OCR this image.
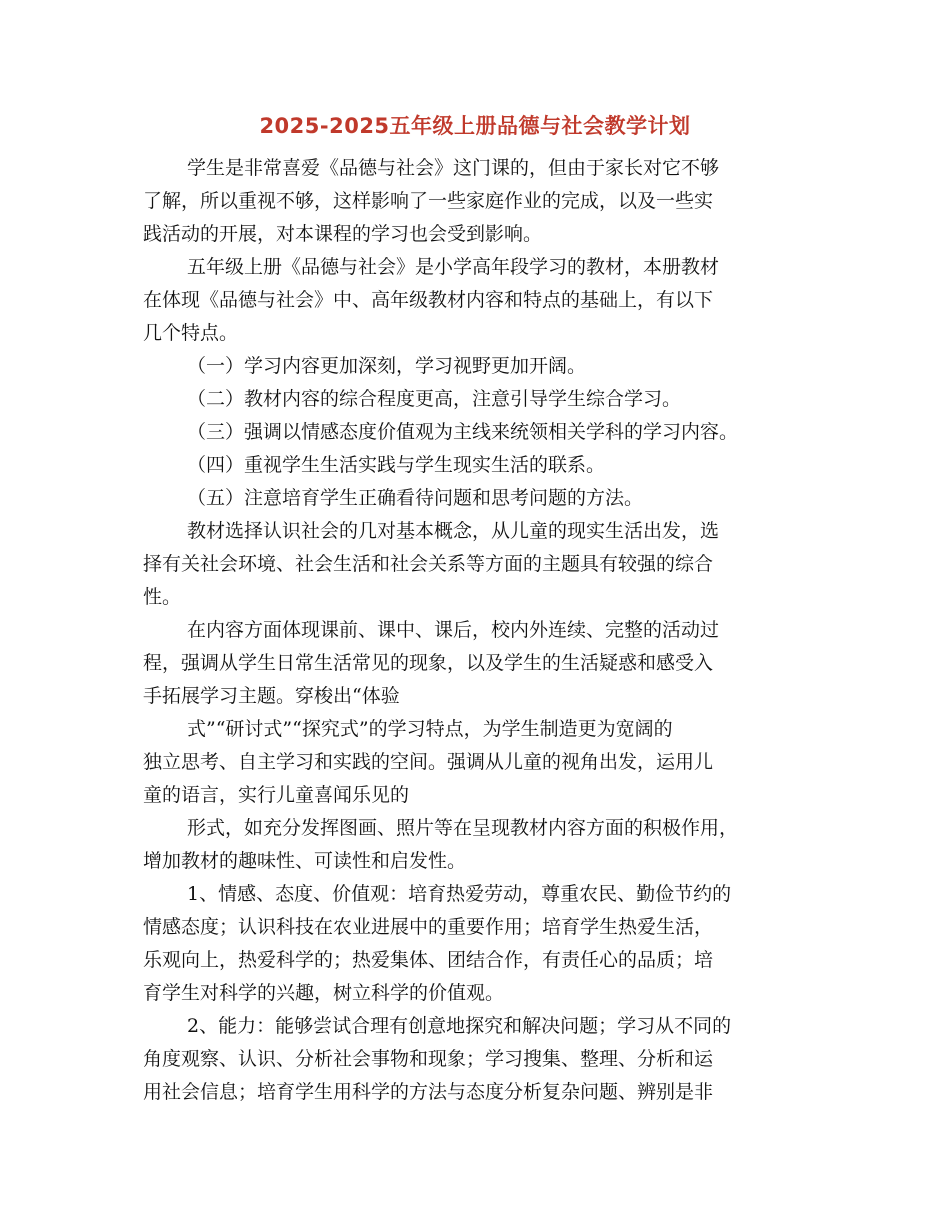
2025-2025五年级上册品德与社会教学计划
学生是非常喜爱《品德与社会》这门课的，但由于家长对它不够
了解，所以重视不够，这样影响了一些家庭作业的完成，以及一些实
践活动的开展，对本课程的学习也会受到影响。
五年级上册《品德与社会》是小学高年段学习的教材，本册教材
在体现《品德与社会》中、高年级教材内容和特点的基础上，有以下
几个特点。
（一）学习内容更加深刻，学习视野更加开阔。
（二）教材内容的综合程度更高，注意引导学生综合学习。
（三）强调以情感态度价值观为主线来统领相关学科的学习内容。
（四）重视学生生活实践与学生现实生活的联系。
（五）注意培育学生正确看待问题和思考问题的方法。
教材选择认识社会的几对基本概念，从儿童的现实生活出发，选
择有关社会环境、社会生活和社会关系等方面的主题具有较强的综合
性。
在内容方面体现课前、课中、课后，校内外连续、完整的活动过
程，强调从学生日常生活常见的现象，以及学生的生活疑惑和感受入
手拓展学习主题。穿梭出“体验
式”“研讨式”“探究式”的学习特点，为学生制造更为宽阔的
独立思考、自主学习和实践的空间。强调从儿童的视角出发，运用儿
童的语言，实行儿童喜闻乐见的
形式，如充分发挥图画、照片等在呈现教材内容方面的积极作用，
增加教材的趣味性、可读性和启发性。
1、情感、态度、价值观：培育热爱劳动，尊重农民、勤俭节约的
情感态度；认识科技在农业进展中的重要作用；培育学生热爱生活，
乐观向上，热爱科学的；热爱集体、团结合作，有责任心的品质；培
育学生对科学的兴趣，树立科学的价值观。
2、能力：能够尝试合理有创意地探究和解决问题；学习从不同的
角度观察、认识、分析社会事物和现象；学习搜集、整理、分析和运
用社会信息；培育学生用科学的方法与态度分析复杂问题、辨别是非
